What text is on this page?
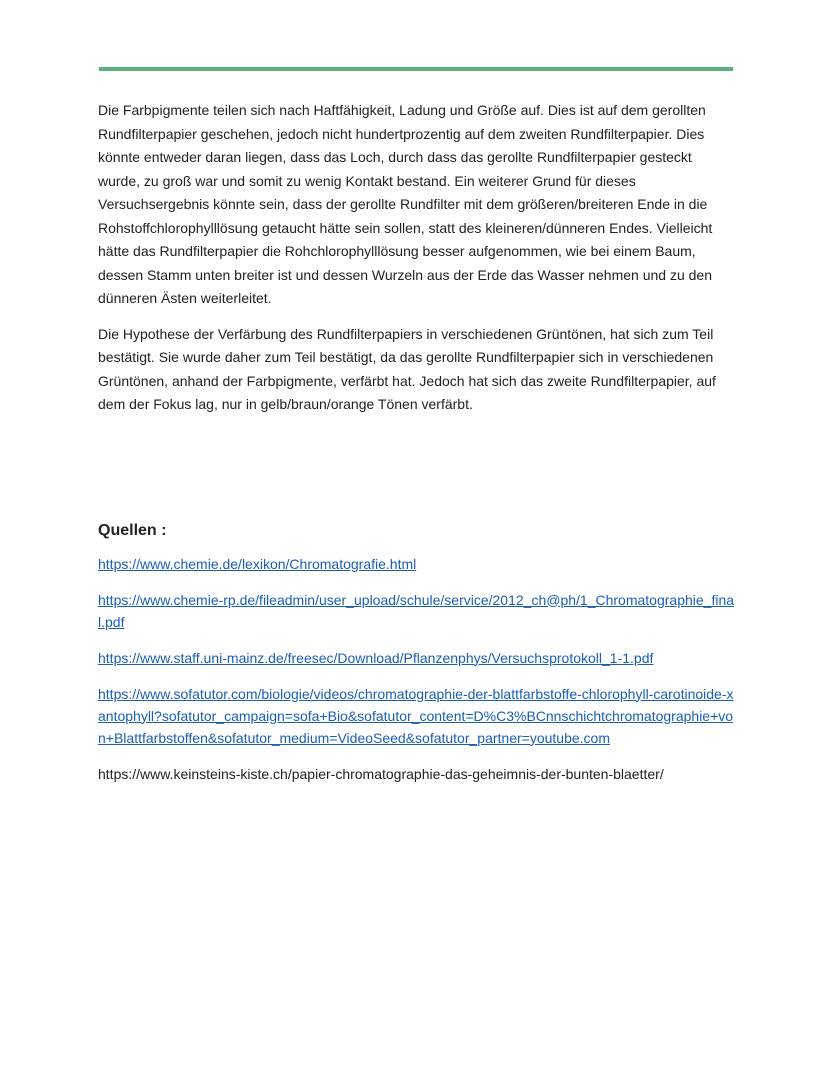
Die Farbpigmente teilen sich nach Haftfähigkeit, Ladung und Größe auf. Dies ist auf dem gerollten Rundfilterpapier geschehen, jedoch nicht hundertprozentig auf dem zweiten Rundfilterpapier. Dies könnte entweder daran liegen, dass das Loch, durch dass das gerollte Rundfilterpapier gesteckt wurde, zu groß war und somit zu wenig Kontakt bestand. Ein weiterer Grund für dieses Versuchsergebnis könnte sein, dass der gerollte Rundfilter mit dem größeren/breiteren Ende in die Rohstoffchlorophylllösung getaucht hätte sein sollen, statt des kleineren/dünneren Endes. Vielleicht hätte das Rundfilterpapier die Rohchlorophylllösung besser aufgenommen, wie bei einem Baum, dessen Stamm unten breiter ist und dessen Wurzeln aus der Erde das Wasser nehmen und zu den dünneren Ästen weiterleitet.

Die Hypothese der Verfärbung des Rundfilterpapiers in verschiedenen Grüntönen, hat sich zum Teil bestätigt. Sie wurde daher zum Teil bestätigt, da das gerollte Rundfilterpapier sich in verschiedenen Grüntönen, anhand der Farbpigmente, verfärbt hat. Jedoch hat sich das zweite Rundfilterpapier, auf dem der Fokus lag, nur in gelb/braun/orange Tönen verfärbt.

Quellen :
https://www.chemie.de/lexikon/Chromatografie.html
https://www.chemie-rp.de/fileadmin/user_upload/schule/service/2012_ch@ph/1_Chromatographie_final.pdf
https://www.staff.uni-mainz.de/freesec/Download/Pflanzenphys/Versuchsprotokoll_1-1.pdf
https://www.sofatutor.com/biologie/videos/chromatographie-der-blattfarbstoffe-chlorophyll-carotinoide-xantophyll?sofatutor_campaign=sofa+Bio&sofatutor_content=D%C3%BCnnschichtchromatographie+von+Blattfarbstoffen&sofatutor_medium=VideoSeed&sofatutor_partner=youtube.com
https://www.keinsteins-kiste.ch/papier-chromatographie-das-geheimnis-der-bunten-blaetter/
